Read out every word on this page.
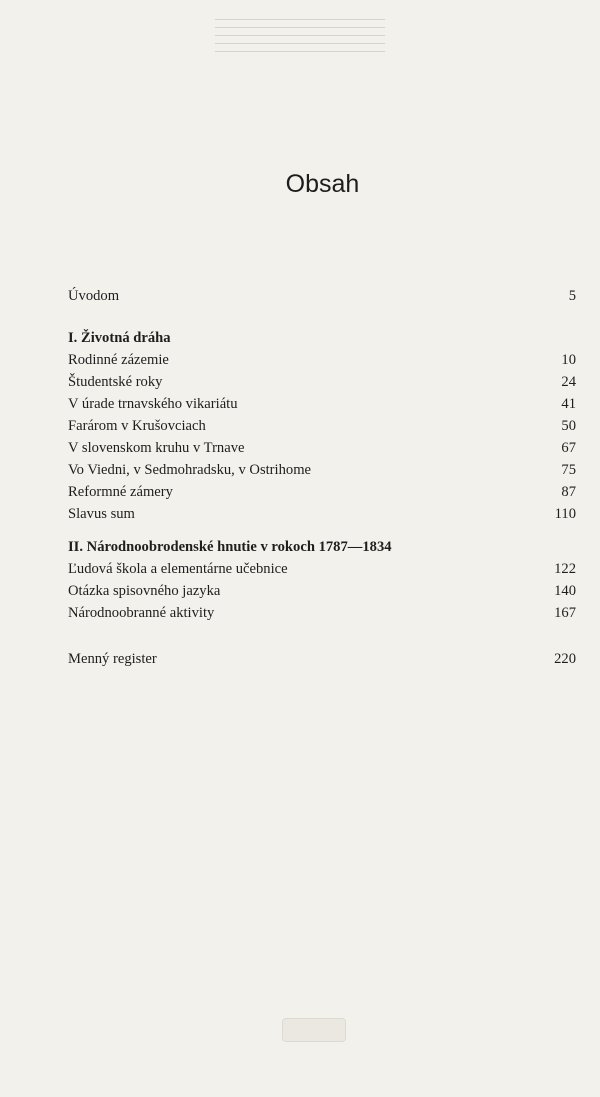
Obsah
Úvodom	5
I. Životná dráha
Rodinné zázemie	10
Študentské roky	24
V úrade trnavského vikariátu	41
Farárom v Krušovciach	50
V slovenskom kruhu v Trnave	67
Vo Viedni, v Sedmohradsku, v Ostrihome	75
Reformné zámery	87
Slavus sum	110
II. Národnoobrodenské hnutie v rokoch 1787—1834
Ľudová škola a elementárne učebnice	122
Otázka spisovného jazyka	140
Národnoobranné aktivity	167
Menný register	220
